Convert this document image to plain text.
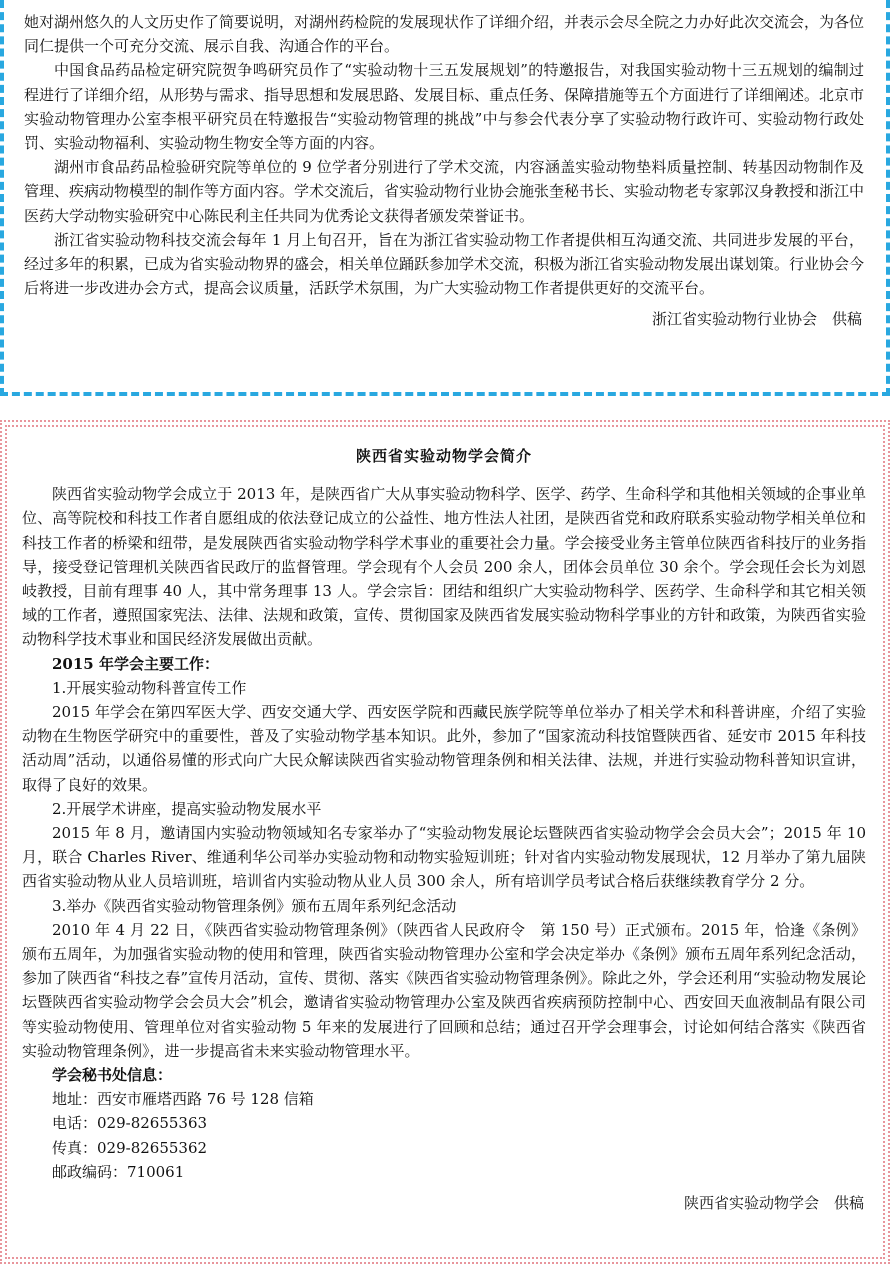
她对湖州悠久的人文历史作了简要说明，对湖州药检院的发展现状作了详细介绍，并表示会尽全院之力办好此次交流会，为各位同仁提供一个可充分交流、展示自我、沟通合作的平台。

中国食品药品检定研究院贺争鸣研究员作了“实验动物十三五发展规划”的特邀报告，对我国实验动物十三五规划的编制过程进行了详细介绍，从形势与需求、指导思想和发展思路、发展目标、重点任务、保障措施等五个方面进行了详细阐述。北京市实验动物管理办公室李根平研究员在特邀报告“实验动物管理的挑战”中与参会代表分享了实验动物行政许可、实验动物行政处罚、实验动物福利、实验动物生物安全等方面的内容。

湖州市食品药品检验研究院等单位的 9 位学者分别进行了学术交流，内容涵盖实验动物垫料质量控制、转基因动物制作及管理、疾病动物模型的制作等方面内容。学术交流后，省实验动物行业协会施张奎秘书长、实验动物老专家郭汉身教授和浙江中医药大学动物实验研究中心陈民利主任共同为优秀论文获得者颁发荣誉证书。

浙江省实验动物科技交流会每年 1 月上旬召开，旨在为浙江省实验动物工作者提供相互沟通交流、共同进步发展的平台，经过多年的积累，已成为省实验动物界的盛会，相关单位踊跃参加学术交流，积极为浙江省实验动物发展出谋划策。行业协会今后将进一步改进办会方式，提高会议质量，活跃学术氛围，为广大实验动物工作者提供更好的交流平台。

浙江省实验动物行业协会　供稿

陕西省实验动物学会简介

陕西省实验动物学会成立于 2013 年，是陕西省广大从事实验动物科学、医学、药学、生命科学和其他相关领域的企事业单位、高等院校和科技工作者自愿组成的依法登记成立的公益性、地方性法人社团，是陕西省党和政府联系实验动物学相关单位和科技工作者的桥梁和纽带，是发展陕西省实验动物学科学术事业的重要社会力量。学会接受业务主管单位陕西省科技厅的业务指导，接受登记管理机关陕西省民政厅的监督管理。学会现有个人会员 200 余人，团体会员单位 30 余个。学会现任会长为刘恩岐教授，目前有理事 40 人，其中常务理事 13 人。学会宗旨：团结和组织广大实验动物科学、医药学、生命科学和其它相关领域的工作者，遵照国家宪法、法律、法规和政策，宣传、贯彻国家及陕西省发展实验动物科学事业的方针和政策，为陕西省实验动物科学技术事业和国民经济发展做出贡献。

2015 年学会主要工作：

1.开展实验动物科普宣传工作

2015 年学会在第四军医大学、西安交通大学、西安医学院和西藏民族学院等单位举办了相关学术和科普讲座，介绍了实验动物在生物医学研究中的重要性，普及了实验动物学基本知识。此外，参加了“国家流动科技馆暨陕西省、延安市 2015 年科技活动周”活动，以通俗易懂的形式向广大民众解读陕西省实验动物管理条例和相关法律、法规，并进行实验动物科普知识宣讲，取得了良好的效果。

2.开展学术讲座，提高实验动物发展水平

2015 年 8 月，邀请国内实验动物领域知名专家举办了“实验动物发展论坛暨陕西省实验动物学会会员大会”；2015 年 10 月，联合 Charles River、维通利华公司举办实验动物和动物实验短训班；针对省内实验动物发展现状，12 月举办了第九届陕西省实验动物从业人员培训班，培训省内实验动物从业人员 300 余人，所有培训学员考试合格后获继续教育学分 2 分。

3.举办《陕西省实验动物管理条例》颁布五周年系列纪念活动

2010 年 4 月 22 日，《陕西省实验动物管理条例》（陕西省人民政府令　第 150 号）正式颁布。2015 年，恰逢《条例》颁布五周年，为加强省实验动物的使用和管理，陕西省实验动物管理办公室和学会决定举办《条例》颁布五周年系列纪念活动，参加了陕西省“科技之春”宣传月活动，宣传、贯彻、落实《陕西省实验动物管理条例》。除此之外，学会还利用“实验动物发展论坛暨陕西省实验动物学会会员大会”机会，邀请省实验动物管理办公室及陕西省疾病预防控制中心、西安回天血液制品有限公司等实验动物使用、管理单位对省实验动物 5 年来的发展进行了回顾和总结；通过召开学会理事会，讨论如何结合落实《陕西省实验动物管理条例》，进一步提高省未来实验动物管理水平。

学会秘书处信息：

地址：西安市雁塔西路 76 号 128 信箱

电话：029-82655363

传真：029-82655362

邮政编码：710061

陕西省实验动物学会　供稿
